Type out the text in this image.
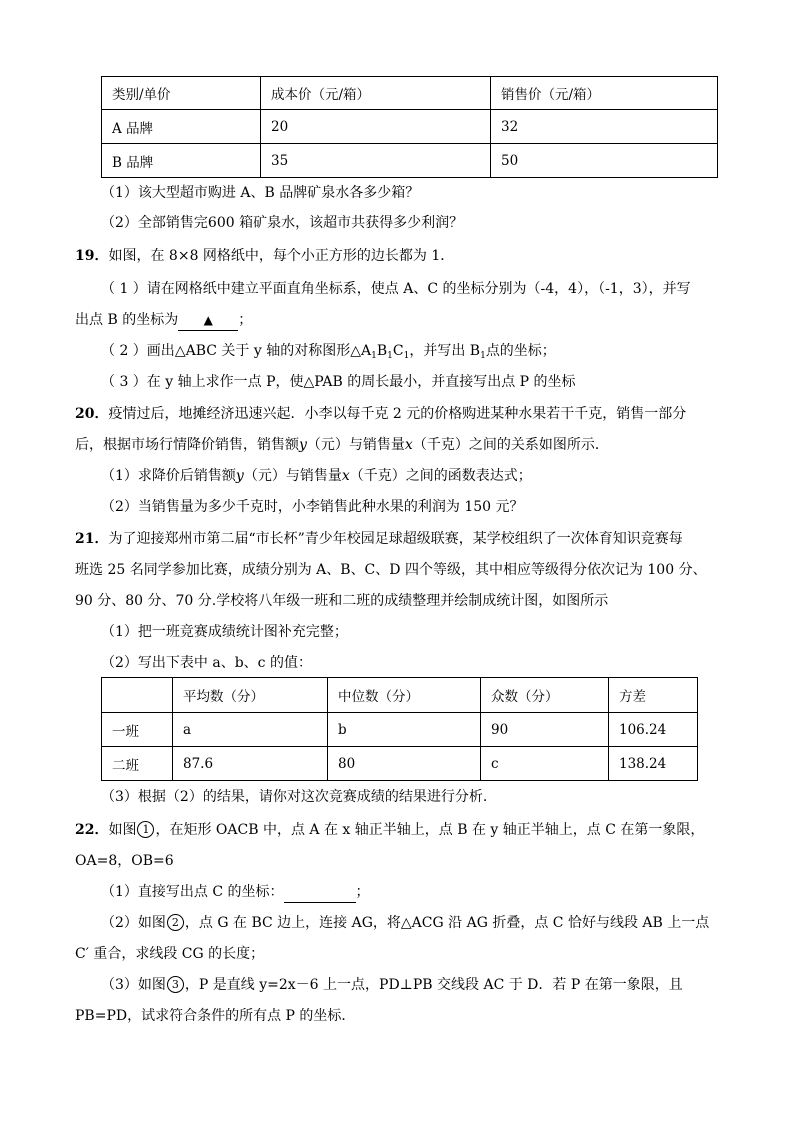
类别/单价	成本价（元/箱）	销售价（元/箱）
A 品牌	20	32
B 品牌	35	50
（1）该大型超市购进 A、B 品牌矿泉水各多少箱？
（2）全部销售完600 箱矿泉水，该超市共获得多少利润？
19．如图，在 8×8 网格纸中，每个小正方形的边长都为 1．
（ 1 ）请在网格纸中建立平面直角坐标系，使点 A、C 的坐标分别为（-4，4），（-1，3），并写
出点 B 的坐标为 ▲ ；
（ 2 ）画出△ABC 关于 y 轴的对称图形$\triangle A_1B_1C_1$，并写出 $B_1$点的坐标；
（ 3 ）在 y 轴上求作一点 P，使△PAB 的周长最小，并直接写出点 P 的坐标
20．疫情过后，地摊经济迅速兴起．小李以每千克 2 元的价格购进某种水果若干千克，销售一部分
后，根据市场行情降价销售，销售额y（元）与销售量x（千克）之间的关系如图所示．
（1）求降价后销售额y（元）与销售量x（千克）之间的函数表达式；
（2）当销售量为多少千克时，小李销售此种水果的利润为 150 元？
21．为了迎接郑州市第二届“市长杯”青少年校园足球超级联赛，某学校组织了一次体育知识竞赛每
班选 25 名同学参加比赛，成绩分别为 A、B、C、D 四个等级，其中相应等级得分依次记为 100 分、
90 分、80 分、70 分.学校将八年级一班和二班的成绩整理并绘制成统计图，如图所示
（1）把一班竞赛成绩统计图补充完整；
（2）写出下表中 a、b、c 的值：
	平均数（分）	中位数（分）	众数（分）	方差
一班	a	b	90	106.24
二班	87.6	80	c	138.24
（3）根据（2）的结果，请你对这次竞赛成绩的结果进行分析.
22．如图 1 ，在矩形 OACB 中，点 A 在 x 轴正半轴上，点 B 在 y 轴正半轴上，点 C 在第一象限，
OA=8，OB=6
（1）直接写出点 C 的坐标：	；
（2）如图 2 ，点 G 在 BC 边上，连接 AG，将△ACG 沿 AG 折叠，点 C 恰好与线段 AB 上一点
C′ 重合，求线段 CG 的长度；
（3）如图 3 ，P 是直线 y=2x－6 上一点，PD⊥PB 交线段 AC 于 D．若 P 在第一象限，且
PB=PD，试求符合条件的所有点 P 的坐标．
